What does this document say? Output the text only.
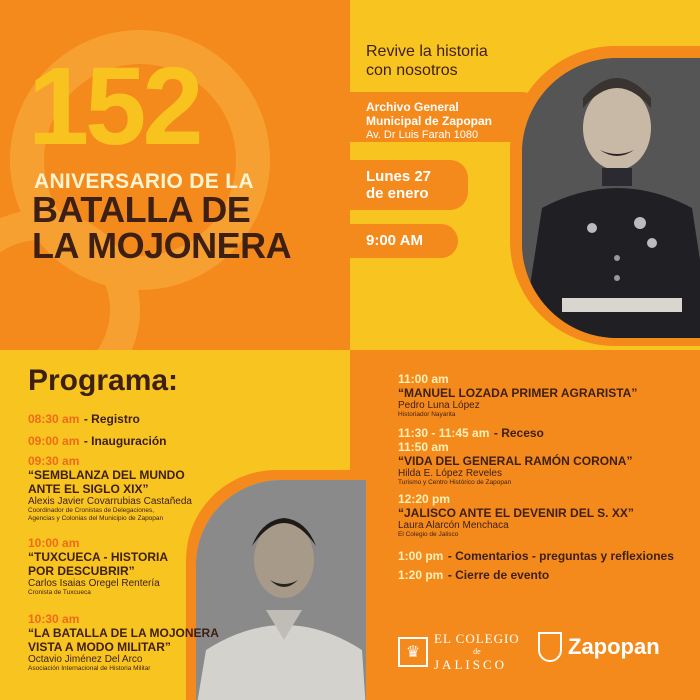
152
ANIVERSARIO DE LA
BATALLA DE
LA MOJONERA
Revive la historia
con nosotros
Archivo General
Municipal de Zapopan
Av. Dr Luis Farah 1080
Lunes 27
de enero
9:00 AM
Programa:
08:30 am - Registro
09:00 am - Inauguración
09:30 am
“SEMBLANZA DEL MUNDO
ANTE EL SIGLO XIX”
Alexis Javier Covarrubias Castañeda
Coordinador de Cronistas de Delegaciones,
Agencias y Colonias del Municipio de Zapopan
10:00 am
“TUXCUECA - HISTORIA
POR DESCUBRIR”
Carlos Isaias Oregel Rentería
Cronista de Tuxcueca
10:30 am
“LA BATALLA DE LA MOJONERA
VISTA A MODO MILITAR”
Octavio Jiménez Del Arco
Asociación Internacional de Historia Militar
11:00 am
“MANUEL LOZADA PRIMER AGRARISTA”
Pedro Luna López
Historiador Nayarita
11:30 - 11:45 am - Receso
11:50 am
“VIDA DEL GENERAL RAMÓN CORONA”
Hilda E. López Reveles
Turismo y Centro Histórico de Zapopan
12:20 pm
“JALISCO ANTE EL DEVENIR DEL S. XX”
Laura Alarcón Menchaca
El Colegio de Jalisco
1:00 pm - Comentarios - preguntas y reflexiones
1:20 pm - Cierre de evento
♛
EL COLEGIO
de
JALISCO
Zapopan
